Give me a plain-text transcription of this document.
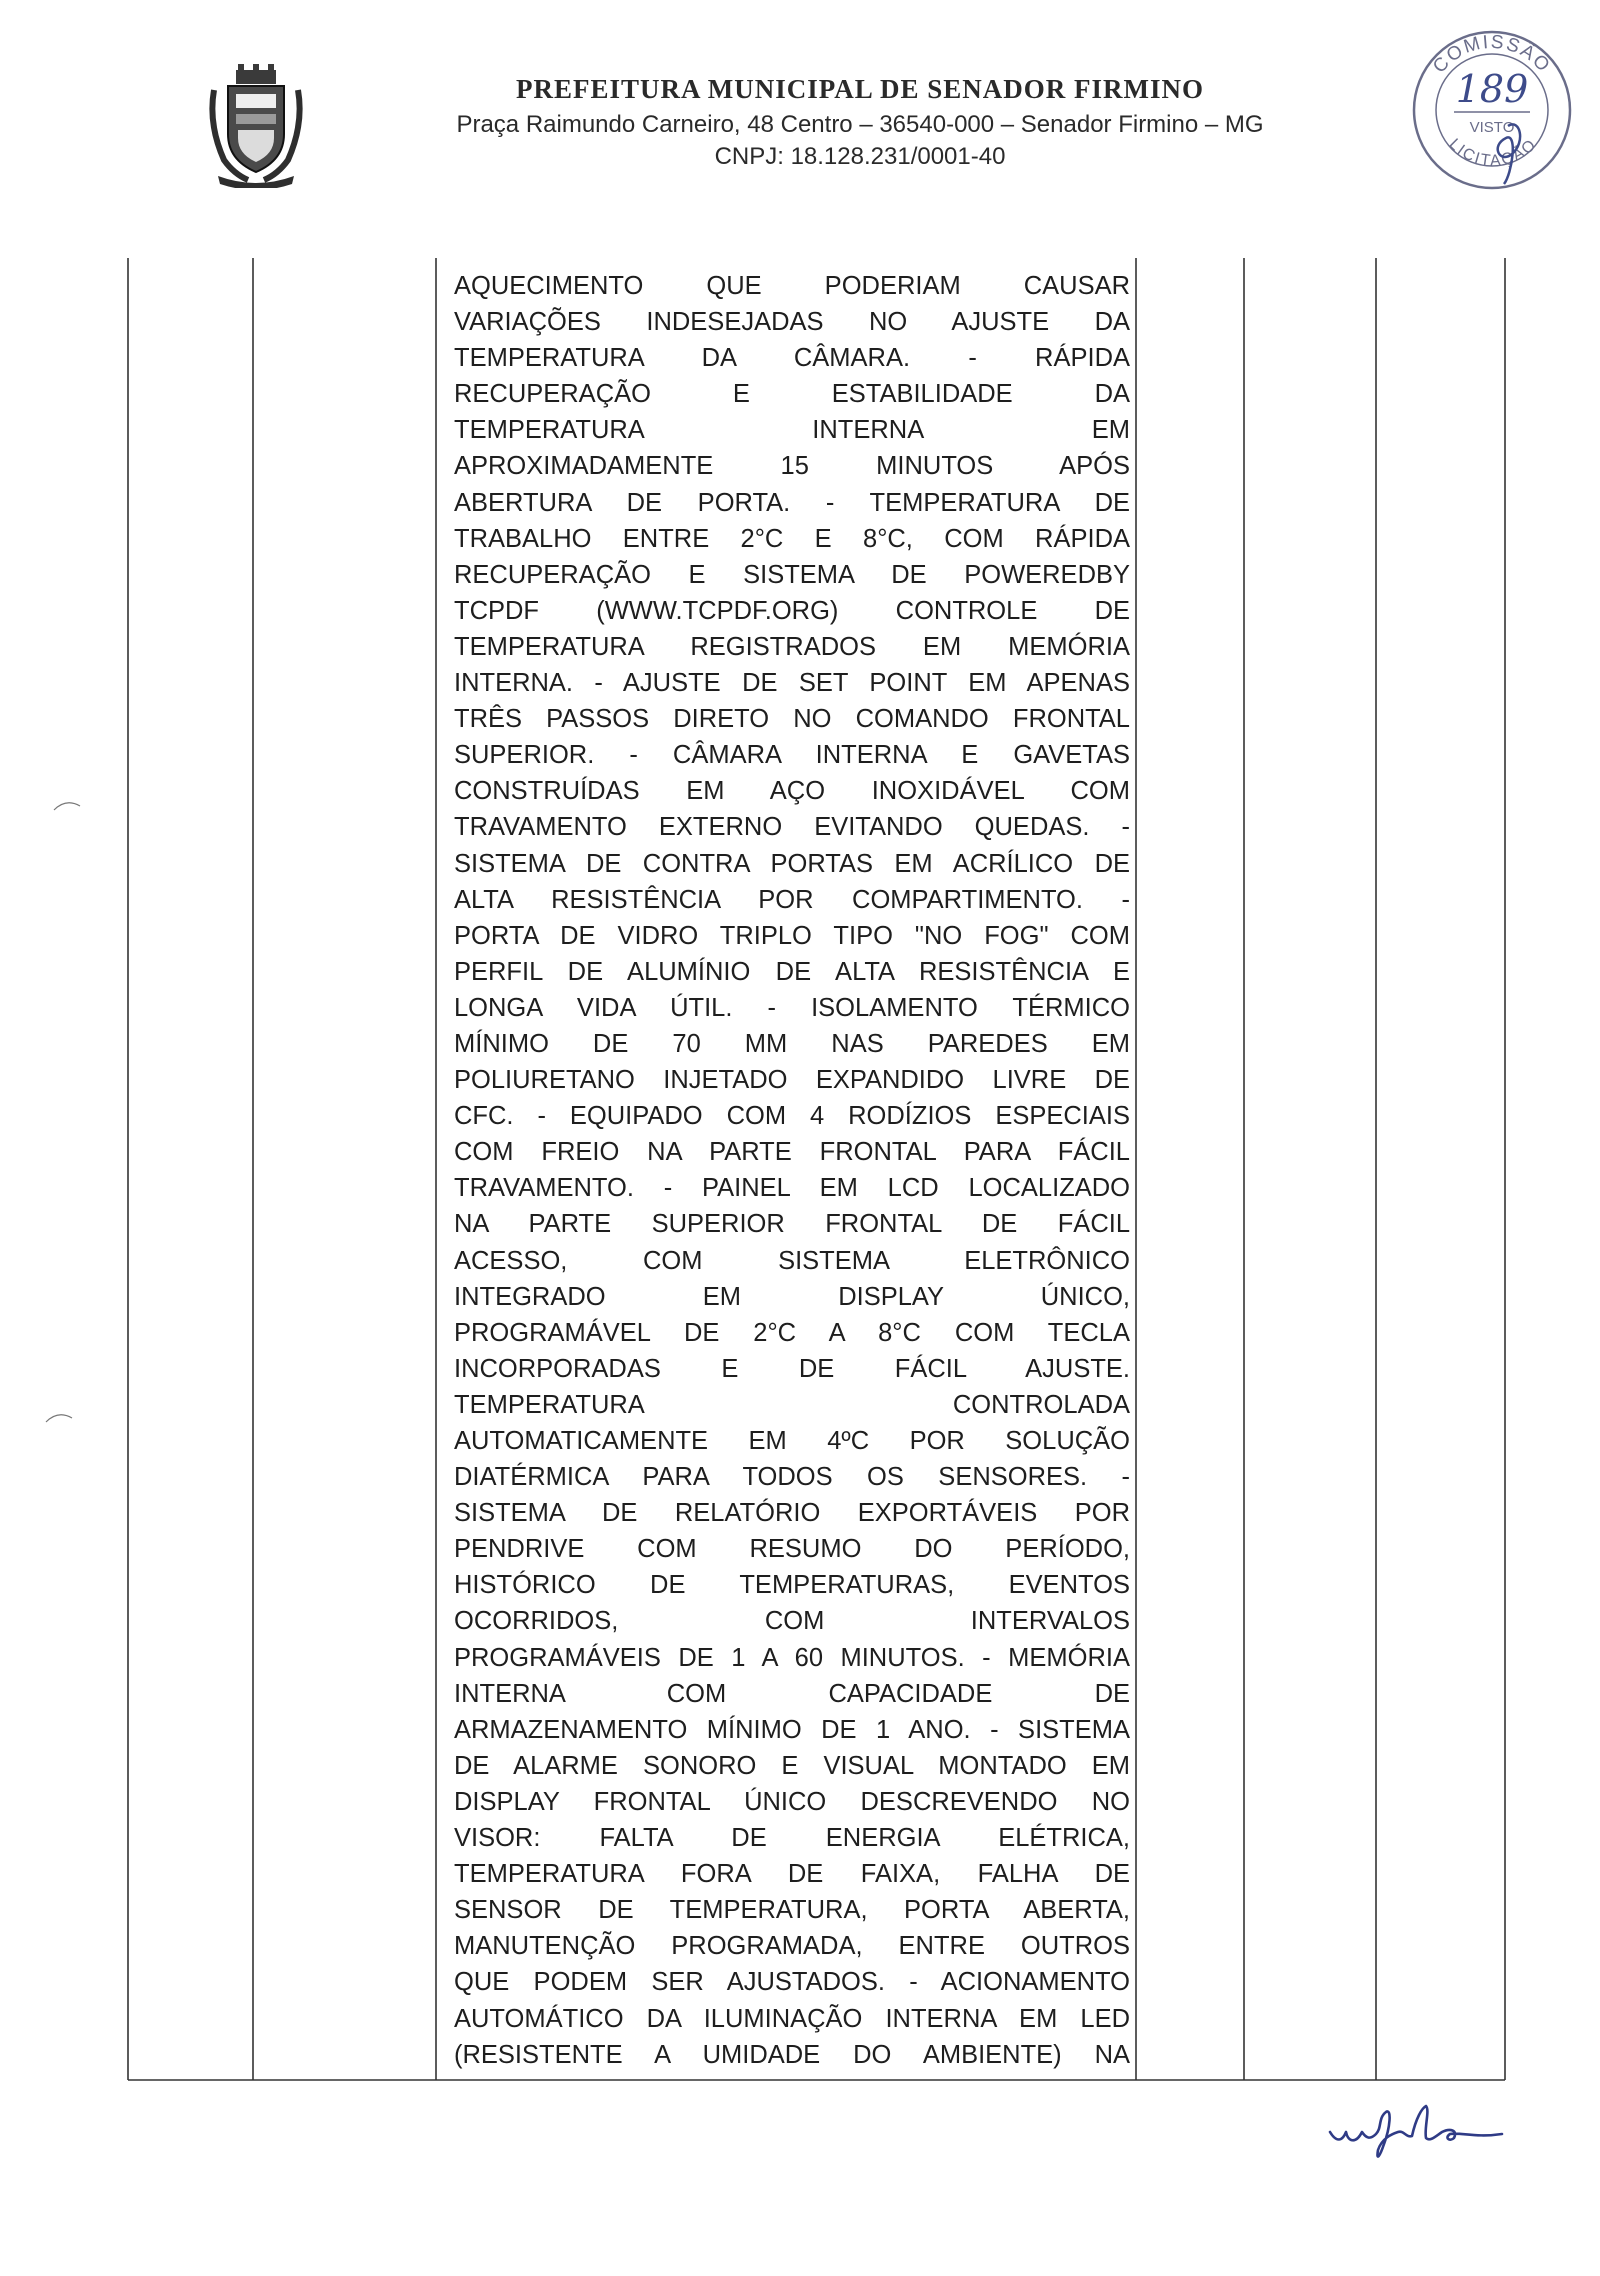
PREFEITURA MUNICIPAL DE SENADOR FIRMINO
Praça Raimundo Carneiro, 48 Centro – 36540-000 – Senador Firmino – MG
CNPJ: 18.128.231/0001-40
COMISSÃO
LICITAÇÃO
189
VISTO
AQUECIMENTO QUE PODERIAM CAUSAR
VARIAÇÕES INDESEJADAS NO AJUSTE DA
TEMPERATURA DA CÂMARA. - RÁPIDA
RECUPERAÇÃO E ESTABILIDADE DA
TEMPERATURA INTERNA EM
APROXIMADAMENTE 15 MINUTOS APÓS
ABERTURA DE PORTA. - TEMPERATURA DE
TRABALHO ENTRE 2°C E 8°C, COM RÁPIDA
RECUPERAÇÃO E SISTEMA DE POWEREDBY
TCPDF (WWW.TCPDF.ORG) CONTROLE DE
TEMPERATURA REGISTRADOS EM MEMÓRIA
INTERNA. - AJUSTE DE SET POINT EM APENAS
TRÊS PASSOS DIRETO NO COMANDO FRONTAL
SUPERIOR. - CÂMARA INTERNA E GAVETAS
CONSTRUÍDAS EM AÇO INOXIDÁVEL COM
TRAVAMENTO EXTERNO EVITANDO QUEDAS. -
SISTEMA DE CONTRA PORTAS EM ACRÍLICO DE
ALTA RESISTÊNCIA POR COMPARTIMENTO. -
PORTA DE VIDRO TRIPLO TIPO "NO FOG" COM
PERFIL DE ALUMÍNIO DE ALTA RESISTÊNCIA E
LONGA VIDA ÚTIL. - ISOLAMENTO TÉRMICO
MÍNIMO DE 70 MM NAS PAREDES EM
POLIURETANO INJETADO EXPANDIDO LIVRE DE
CFC. - EQUIPADO COM 4 RODÍZIOS ESPECIAIS
COM FREIO NA PARTE FRONTAL PARA FÁCIL
TRAVAMENTO. - PAINEL EM LCD LOCALIZADO
NA PARTE SUPERIOR FRONTAL DE FÁCIL
ACESSO, COM SISTEMA ELETRÔNICO
INTEGRADO EM DISPLAY ÚNICO,
PROGRAMÁVEL DE 2°C A 8°C COM TECLA
INCORPORADAS E DE FÁCIL AJUSTE.
TEMPERATURA CONTROLADA
AUTOMATICAMENTE EM 4ºC POR SOLUÇÃO
DIATÉRMICA PARA TODOS OS SENSORES. -
SISTEMA DE RELATÓRIO EXPORTÁVEIS POR
PENDRIVE COM RESUMO DO PERÍODO,
HISTÓRICO DE TEMPERATURAS, EVENTOS
OCORRIDOS, COM INTERVALOS
PROGRAMÁVEIS DE 1 A 60 MINUTOS. - MEMÓRIA
INTERNA COM CAPACIDADE DE
ARMAZENAMENTO MÍNIMO DE 1 ANO. - SISTEMA
DE ALARME SONORO E VISUAL MONTADO EM
DISPLAY FRONTAL ÚNICO DESCREVENDO NO
VISOR: FALTA DE ENERGIA ELÉTRICA,
TEMPERATURA FORA DE FAIXA, FALHA DE
SENSOR DE TEMPERATURA, PORTA ABERTA,
MANUTENÇÃO PROGRAMADA, ENTRE OUTROS
QUE PODEM SER AJUSTADOS. - ACIONAMENTO
AUTOMÁTICO DA ILUMINAÇÃO INTERNA EM LED
(RESISTENTE A UMIDADE DO AMBIENTE) NA
